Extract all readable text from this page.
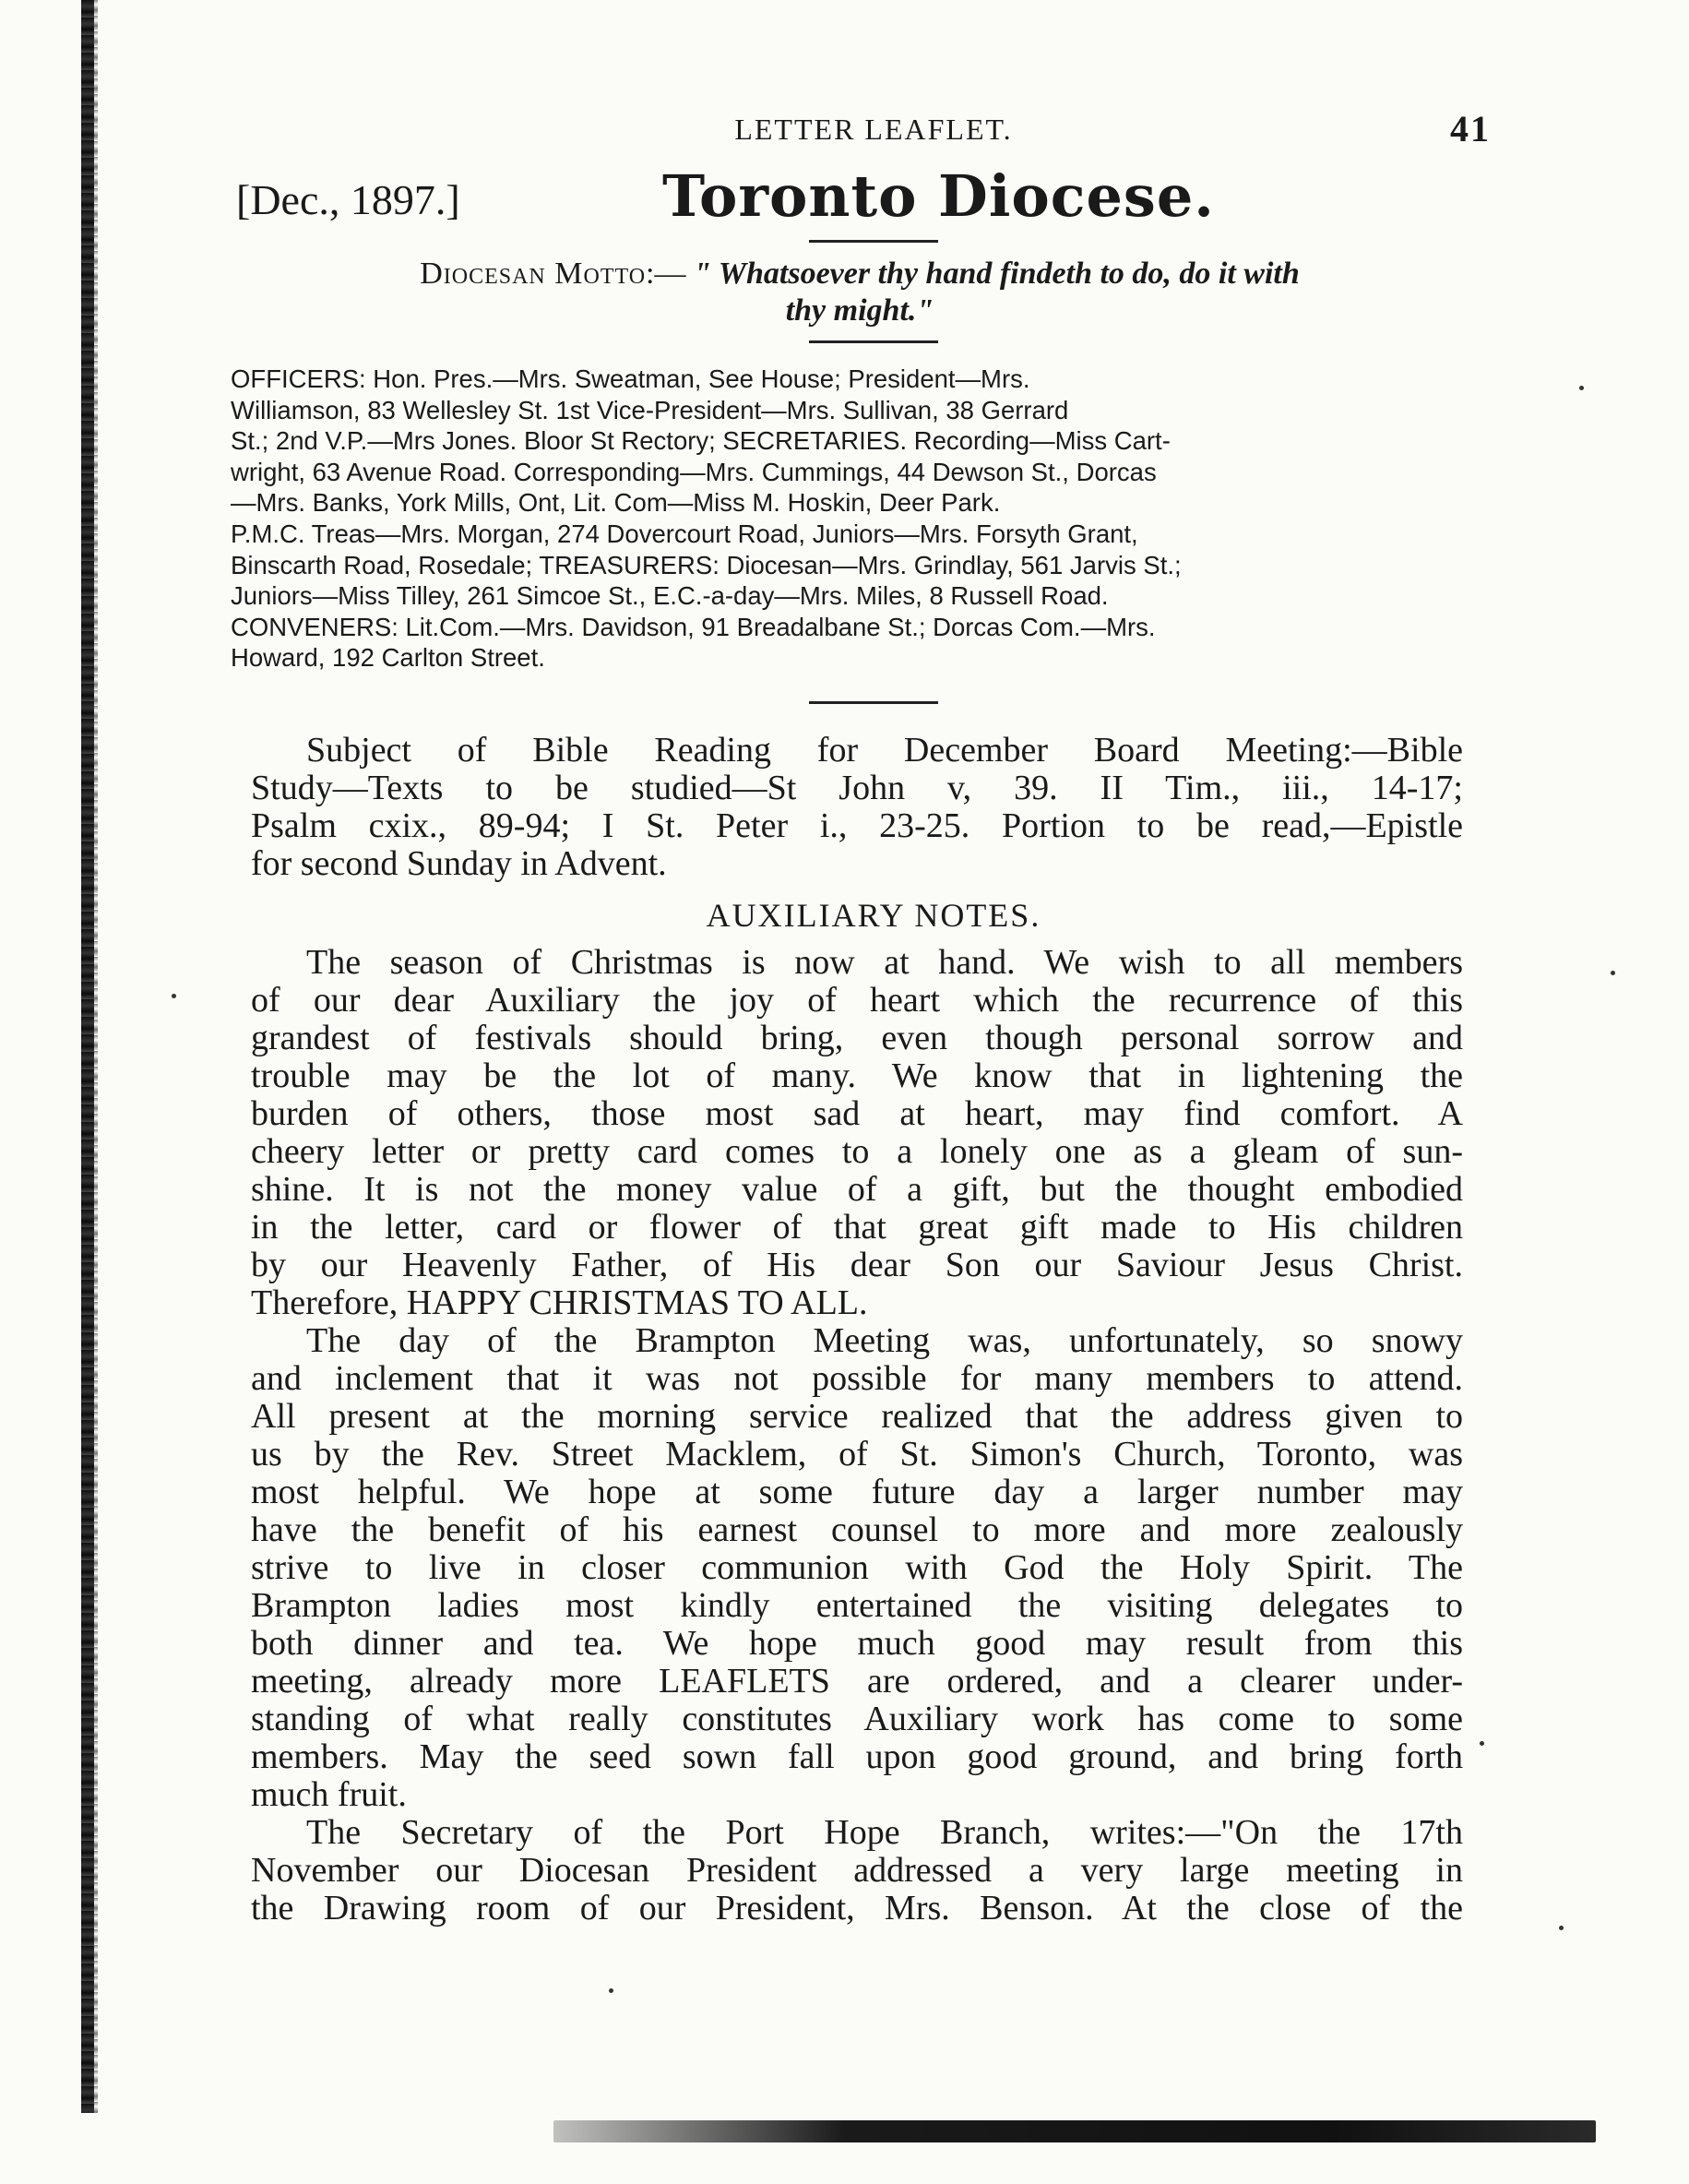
LETTER LEAFLET.	41
[Dec., 1897.]	Toronto Diocese.
Diocesan Motto:— " Whatsoever thy hand findeth to do, do it with
thy might."
OFFICERS: Hon. Pres.—Mrs. Sweatman, See House; President—Mrs.
Williamson, 83 Wellesley St. 1st Vice-President—Mrs. Sullivan, 38 Gerrard
St.; 2nd V.P.—Mrs Jones. Bloor St Rectory; SECRETARIES. Recording—Miss Cart-
wright, 63 Avenue Road. Corresponding—Mrs. Cummings, 44 Dewson St., Dorcas
—Mrs. Banks, York Mills, Ont, Lit. Com—Miss M. Hoskin, Deer Park.
P.M.C. Treas—Mrs. Morgan, 274 Dovercourt Road, Juniors—Mrs. Forsyth Grant,
Binscarth Road, Rosedale; TREASURERS: Diocesan—Mrs. Grindlay, 561 Jarvis St.;
Juniors—Miss Tilley, 261 Simcoe St., E.C.-a-day—Mrs. Miles, 8 Russell Road.
CONVENERS: Lit.Com.—Mrs. Davidson, 91 Breadalbane St.; Dorcas Com.—Mrs.
Howard, 192 Carlton Street.
Subject of Bible Reading for December Board Meeting:—Bible
Study—Texts to be studied—St John v, 39. II Tim., iii., 14-17;
Psalm cxix., 89-94; I St. Peter i., 23-25. Portion to be read,—Epistle
for second Sunday in Advent.
AUXILIARY NOTES.
The season of Christmas is now at hand. We wish to all members
of our dear Auxiliary the joy of heart which the recurrence of this
grandest of festivals should bring, even though personal sorrow and
trouble may be the lot of many. We know that in lightening the
burden of others, those most sad at heart, may find comfort. A
cheery letter or pretty card comes to a lonely one as a gleam of sun-
shine. It is not the money value of a gift, but the thought embodied
in the letter, card or flower of that great gift made to His children
by our Heavenly Father, of His dear Son our Saviour Jesus Christ.
Therefore, HAPPY CHRISTMAS TO ALL.
The day of the Brampton Meeting was, unfortunately, so snowy
and inclement that it was not possible for many members to attend.
All present at the morning service realized that the address given to
us by the Rev. Street Macklem, of St. Simon's Church, Toronto, was
most helpful. We hope at some future day a larger number may
have the benefit of his earnest counsel to more and more zealously
strive to live in closer communion with God the Holy Spirit. The
Brampton ladies most kindly entertained the visiting delegates to
both dinner and tea. We hope much good may result from this
meeting, already more LEAFLETS are ordered, and a clearer under-
standing of what really constitutes Auxiliary work has come to some
members. May the seed sown fall upon good ground, and bring forth
much fruit.
The Secretary of the Port Hope Branch, writes:—"On the 17th
November our Diocesan President addressed a very large meeting in
the Drawing room of our President, Mrs. Benson. At the close of the
